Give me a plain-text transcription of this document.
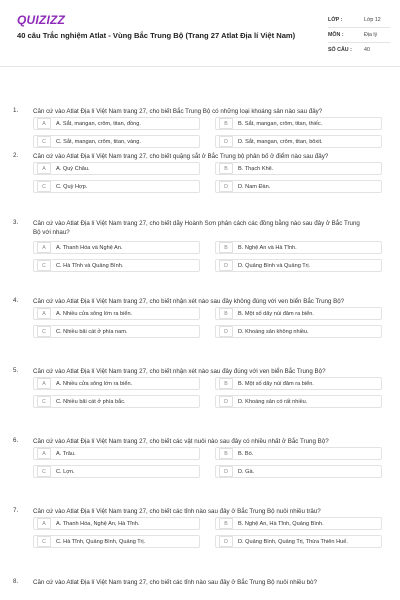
QUIZIZZ
40 câu Trắc nghiệm Atlat - Vùng Bắc Trung Bộ (Trang 27 Atlat Địa lí Việt Nam)
LỚP :	Lớp 12
MÔN :	Địa lý
SỐ CÂU :	40
1. Căn cứ vào Atlat Địa lí Việt Nam trang 27, cho biết Bắc Trung Bộ có những loại khoáng sản nào sau đây?
A	A. Sắt, mangan, crôm, titan, đồng.	B	B. Sắt, mangan, crôm, titan, thiếc.
C	C. Sắt, mangan, crôm, titan, vàng.	D	D. Sắt, mangan, crôm, titan, bôxit.
2. Căn cứ vào Atlat Địa lí Việt Nam trang 27, cho biết quặng sắt ở Bắc Trung bộ phân bố ở điểm nào sau đây?
A	A. Quỳ Châu.	B	B. Thạch Khê.
C	C. Quỳ Hợp.	D	D. Nam Đàn.
3. Căn cứ vào Atlat Địa lí Việt Nam trang 27, cho biết dãy Hoành Sơn phân cách các đồng bằng nào sau đây ở Bắc Trung Bộ với nhau?
A	A. Thanh Hóa và Nghệ An.	B	B. Nghệ An và Hà Tĩnh.
C	C. Hà Tĩnh và Quảng Bình.	D	D. Quảng Bình và Quảng Trị.
4. Căn cứ vào Atlat Địa lí Việt Nam trang 27, cho biết nhận xét nào sau đây không đúng với ven biển Bắc Trung Bộ?
A	A. Nhiều cửa sông lớn ra biển.	B	B. Một số dãy núi đâm ra biển.
C	C. Nhiều bãi cát ở phía nam.	D	D. Khoáng sản không nhiều.
5. Căn cứ vào Atlat Địa lí Việt Nam trang 27, cho biết nhận xét nào sau đây đúng với ven biển Bắc Trung Bộ?
A	A. Nhiều cửa sông lớn ra biển.	B	B. Một số dãy núi đâm ra biển.
C	C. Nhiều bãi cát ở phía bắc.	D	D. Khoáng sản có rất nhiều.
6. Căn cứ vào Atlat Địa lí Việt Nam trang 27, cho biết các vật nuôi nào sau đây có nhiều nhất ở Bắc Trung Bộ?
A	A. Trâu.	B	B. Bò.
C	C. Lợn.	D	D. Gà.
7. Căn cứ vào Atlat Địa lí Việt Nam trang 27, cho biết các tỉnh nào sau đây ở Bắc Trung Bộ nuôi nhiều trâu?
A	A. Thanh Hóa, Nghệ An, Hà Tĩnh.	B	B. Nghệ An, Hà Tĩnh, Quảng Bình.
C	C. Hà Tĩnh, Quảng Bình, Quảng Trị.	D	D. Quảng Bình, Quảng Trị, Thừa Thiên Huế.
8. Căn cứ vào Atlat Địa lí Việt Nam trang 27, cho biết các tỉnh nào sau đây ở Bắc Trung Bộ nuôi nhiều bò?
